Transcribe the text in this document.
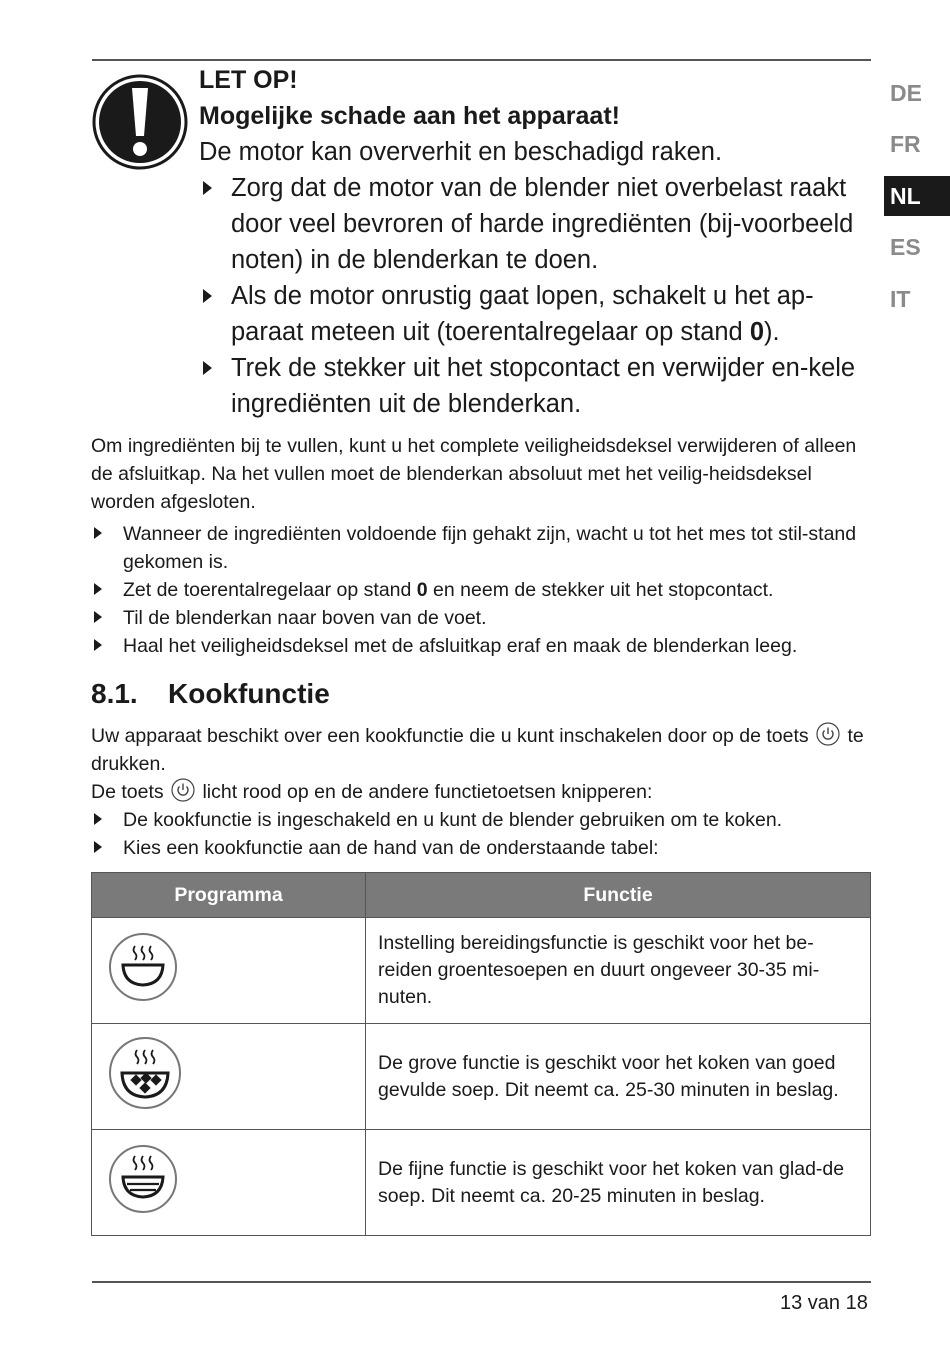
LET OP!
Mogelijke schade aan het apparaat!
De motor kan oververhit en beschadigd raken.
Zorg dat de motor van de blender niet overbelast raakt door veel bevroren of harde ingrediënten (bij-voorbeeld noten) in de blenderkan te doen.
Als de motor onrustig gaat lopen, schakelt u het ap-paraat meteen uit (toerentalregelaar op stand 0).
Trek de stekker uit het stopcontact en verwijder en-kele ingrediënten uit de blenderkan.
DE
FR
NL
ES
IT
Om ingrediënten bij te vullen, kunt u het complete veiligheidsdeksel verwijderen of alleen de afsluitkap. Na het vullen moet de blenderkan absoluut met het veilig-heidsdeksel worden afgesloten.
Wanneer de ingrediënten voldoende fijn gehakt zijn, wacht u tot het mes tot stil-stand gekomen is.
Zet de toerentalregelaar op stand 0 en neem de stekker uit het stopcontact.
Til de blenderkan naar boven van de voet.
Haal het veiligheidsdeksel met de afsluitkap eraf en maak de blenderkan leeg.
8.1. Kookfunctie
Uw apparaat beschikt over een kookfunctie die u kunt inschakelen door op de toets te drukken.
De toets licht rood op en de andere functietoetsen knipperen:
De kookfunctie is ingeschakeld en u kunt de blender gebruiken om te koken.
Kies een kookfunctie aan de hand van de onderstaande tabel:
Programma	Functie
	Instelling bereidingsfunctie is geschikt voor het be-reiden groentesoepen en duurt ongeveer 30-35 mi-nuten.
	De grove functie is geschikt voor het koken van goed gevulde soep. Dit neemt ca. 25-30 minuten in beslag.
	De fijne functie is geschikt voor het koken van glad-de soep. Dit neemt ca. 20-25 minuten in beslag.
13 van 18
